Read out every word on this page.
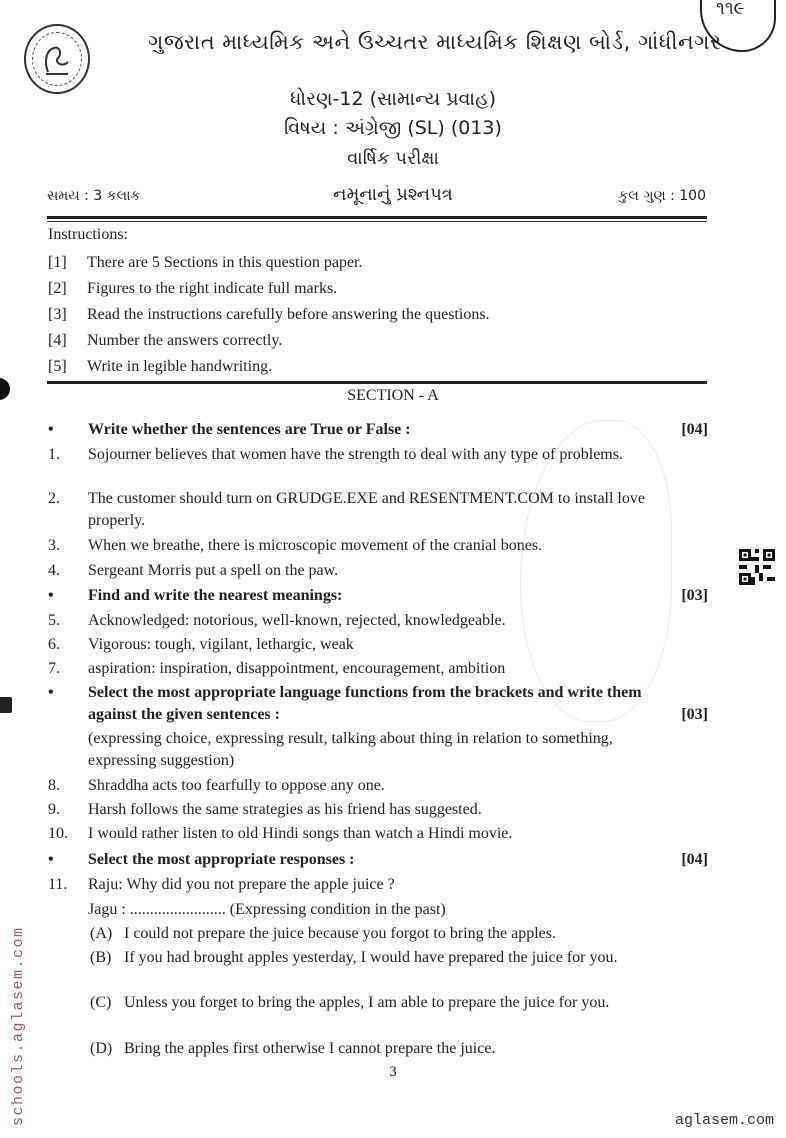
ગુજરાત માધ્યમિક અને ઉચ્ચતર માધ્યમિક શિક્ષણ બોર્ડ, ગાંધીનગર
૧૧૯
ધોરણ-12 (સામાન્ય પ્રવાહ)
વિષય : અંગ્રેજી (SL) (013)
વાર્ષિક પરીક્ષા
સમય : 3 કલાક	નમૂનાનું પ્રશ્નપત્ર	કુલ ગુણ : 100
Instructions:
[1] There are 5 Sections in this question paper.
[2] Figures to the right indicate full marks.
[3] Read the instructions carefully before answering the questions.
[4] Number the answers correctly.
[5] Write in legible handwriting.
SECTION - A
• Write whether the sentences are True or False :	[04]
1. Sojourner believes that women have the strength to deal with any type of problems.
2. The customer should turn on GRUDGE.EXE and RESENTMENT.COM to install love properly.
3. When we breathe, there is microscopic movement of the cranial bones.
4. Sergeant Morris put a spell on the paw.
• Find and write the nearest meanings:	[03]
5. Acknowledged: notorious, well-known, rejected, knowledgeable.
6. Vigorous: tough, vigilant, lethargic, weak
7. aspiration: inspiration, disappointment, encouragement, ambition
• Select the most appropriate language functions from the brackets and write them against the given sentences :	[03]
(expressing choice, expressing result, talking about thing in relation to something, expressing suggestion)
8. Shraddha acts too fearfully to oppose any one.
9. Harsh follows the same strategies as his friend has suggested.
10. I would rather listen to old Hindi songs than watch a Hindi movie.
• Select the most appropriate responses :	[04]
11. Raju: Why did you not prepare the apple juice ?
Jagu : ........................ (Expressing condition in the past)
(A) I could not prepare the juice because you forgot to bring the apples.
(B) If you had brought apples yesterday, I would have prepared the juice for you.
(C) Unless you forget to bring the apples, I am able to prepare the juice for you.
(D) Bring the apples first otherwise I cannot prepare the juice.
3
schools.aglasem.com	aglasem.com
